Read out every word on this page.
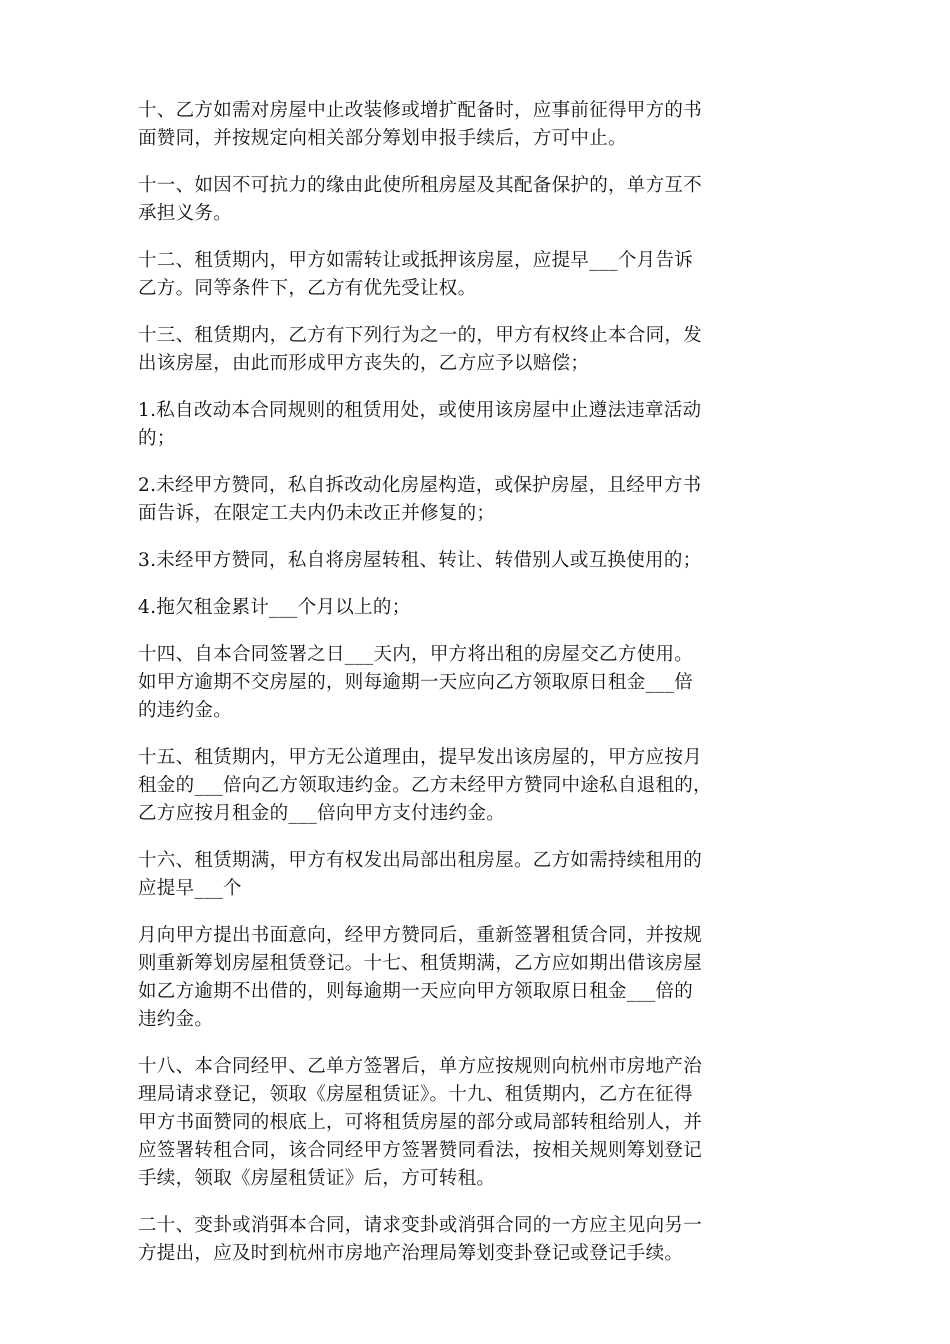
十、乙方如需对房屋中止改装修或增扩配备时，应事前征得甲方的书
面赞同，并按规定向相关部分筹划申报手续后，方可中止。
十一、如因不可抗力的缘由此使所租房屋及其配备保护的，单方互不
承担义务。
十二、租赁期内，甲方如需转让或抵押该房屋，应提早___个月告诉
乙方。同等条件下，乙方有优先受让权。
十三、租赁期内，乙方有下列行为之一的，甲方有权终止本合同，发
出该房屋，由此而形成甲方丧失的，乙方应予以赔偿；
1.私自改动本合同规则的租赁用处，或使用该房屋中止遵法违章活动
的；
2.未经甲方赞同，私自拆改动化房屋构造，或保护房屋，且经甲方书
面告诉，在限定工夫内仍未改正并修复的；
3.未经甲方赞同，私自将房屋转租、转让、转借别人或互换使用的；
4.拖欠租金累计___个月以上的；
十四、自本合同签署之日___天内，甲方将出租的房屋交乙方使用。
如甲方逾期不交房屋的，则每逾期一天应向乙方领取原日租金___倍
的违约金。
十五、租赁期内，甲方无公道理由，提早发出该房屋的，甲方应按月
租金的___倍向乙方领取违约金。乙方未经甲方赞同中途私自退租的，
乙方应按月租金的___倍向甲方支付违约金。
十六、租赁期满，甲方有权发出局部出租房屋。乙方如需持续租用的
应提早___个
月向甲方提出书面意向，经甲方赞同后，重新签署租赁合同，并按规
则重新筹划房屋租赁登记。十七、租赁期满，乙方应如期出借该房屋
如乙方逾期不出借的，则每逾期一天应向甲方领取原日租金___倍的
违约金。
十八、本合同经甲、乙单方签署后，单方应按规则向杭州市房地产治
理局请求登记，领取《房屋租赁证》。十九、租赁期内，乙方在征得
甲方书面赞同的根底上，可将租赁房屋的部分或局部转租给别人，并
应签署转租合同，该合同经甲方签署赞同看法，按相关规则筹划登记
手续，领取《房屋租赁证》后，方可转租。
二十、变卦或消弭本合同，请求变卦或消弭合同的一方应主见向另一
方提出，应及时到杭州市房地产治理局筹划变卦登记或登记手续。
